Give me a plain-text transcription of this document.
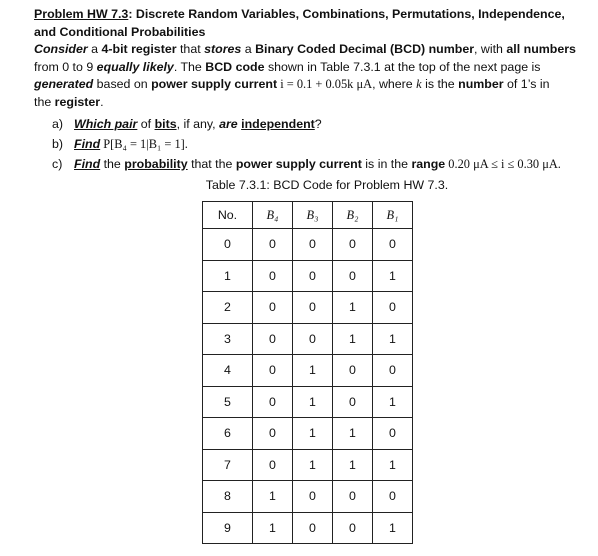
Problem HW 7.3: Discrete Random Variables, Combinations, Permutations, Independence,

and Conditional Probabilities

Consider a 4-bit register that stores a Binary Coded Decimal (BCD) number, with all numbers
from 0 to 9 equally likely. The BCD code shown in Table 7.3.1 at the top of the next page is
generated based on power supply current i = 0.1 + 0.05k μA, where k is the number of 1’s in
the register.

a) Which pair of bits, if any, are independent?
b) Find P[B₄ = 1|B₁ = 1].
c) Find the probability that the power supply current is in the range 0.20 μA ≤ i ≤ 0.30 μA.
Table 7.3.1: BCD Code for Problem HW 7.3.
No.	B₄	B₃	B₂	B₁
0	0	0	0	0
1	0	0	0	1
2	0	0	1	0
3	0	0	1	1
4	0	1	0	0
5	0	1	0	1
6	0	1	1	0
7	0	1	1	1
8	1	0	0	0
9	1	0	0	1
